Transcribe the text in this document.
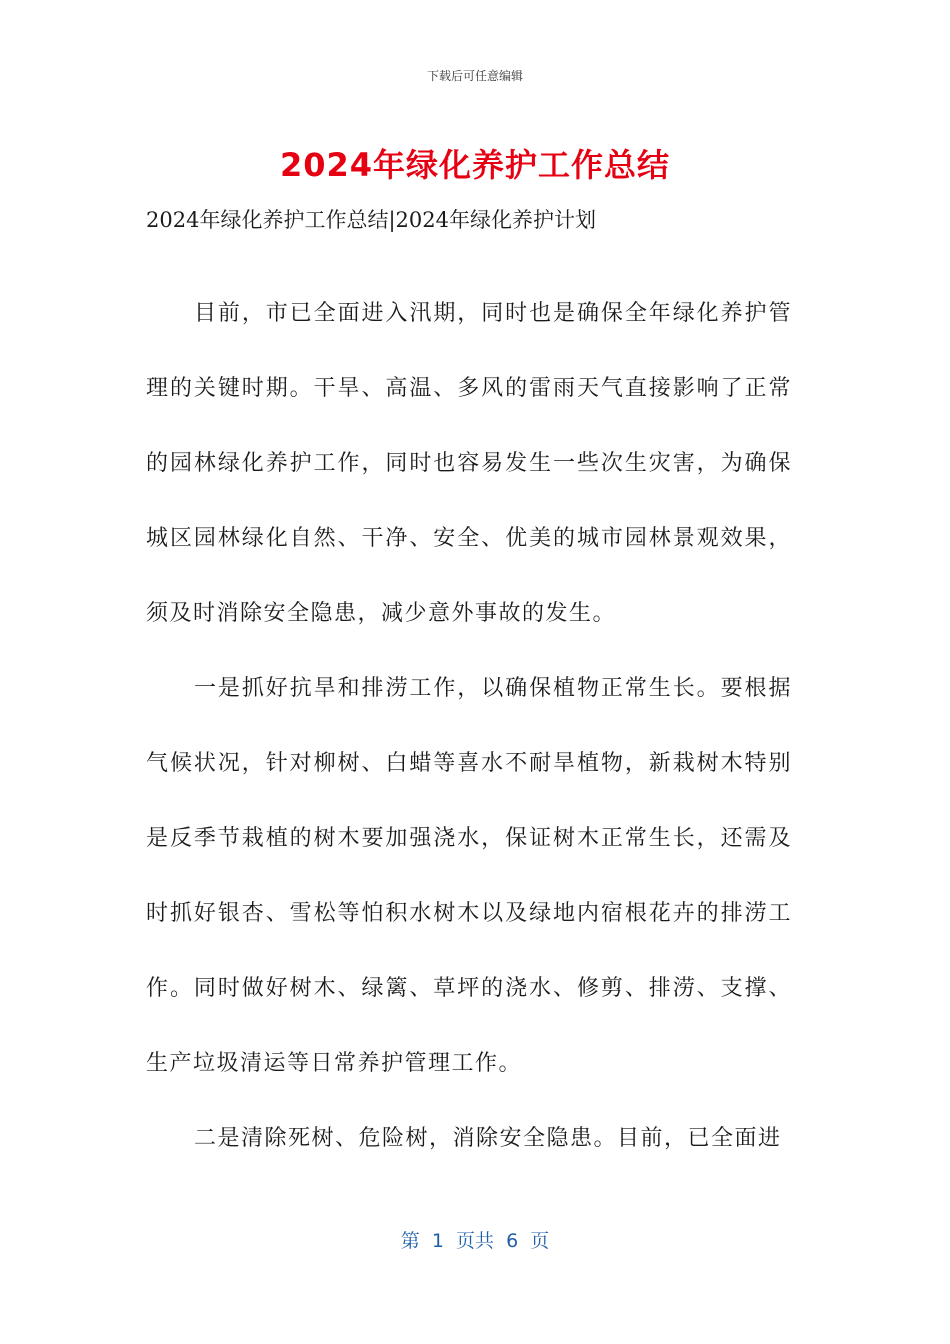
下载后可任意编辑
2024年绿化养护工作总结
2024年绿化养护工作总结|2024年绿化养护计划

目前，市已全面进入汛期，同时也是确保全年绿化养护管理的关键时期。干旱、高温、多风的雷雨天气直接影响了正常的园林绿化养护工作，同时也容易发生一些次生灾害，为确保城区园林绿化自然、干净、安全、优美的城市园林景观效果，须及时消除安全隐患，减少意外事故的发生。

一是抓好抗旱和排涝工作，以确保植物正常生长。要根据气候状况，针对柳树、白蜡等喜水不耐旱植物，新栽树木特别是反季节栽植的树木要加强浇水，保证树木正常生长，还需及时抓好银杏、雪松等怕积水树木以及绿地内宿根花卉的排涝工作。同时做好树木、绿篱、草坪的浇水、修剪、排涝、支撑、生产垃圾清运等日常养护管理工作。

二是清除死树、危险树，消除安全隐患。目前，已全面进

第  1  页共  6  页
